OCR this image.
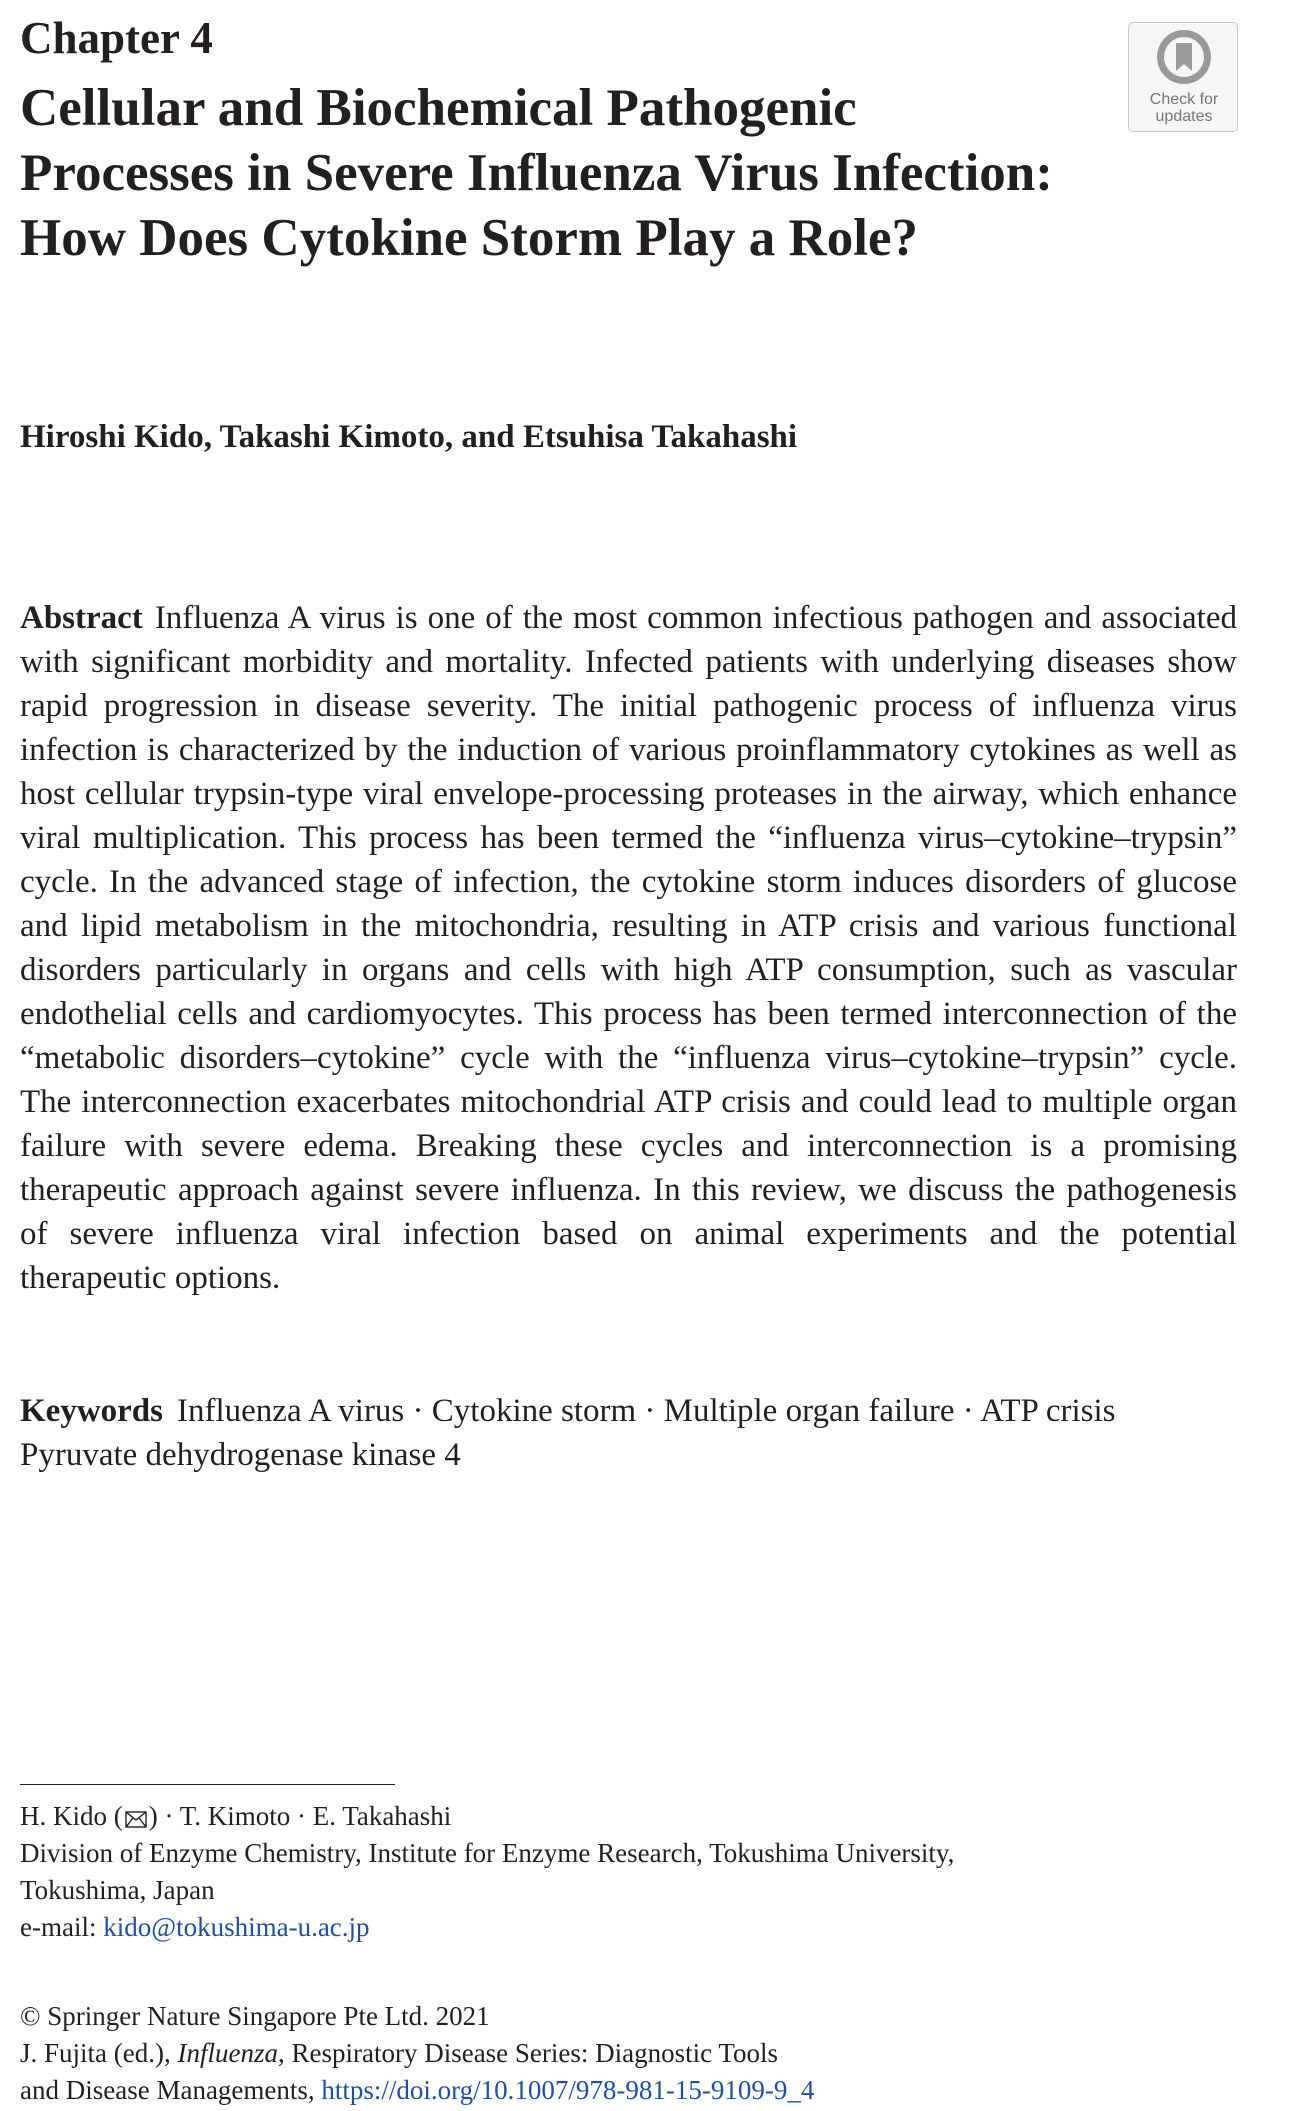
Chapter 4
Cellular and Biochemical Pathogenic Processes in Severe Influenza Virus Infection: How Does Cytokine Storm Play a Role?
Check for
updates
Hiroshi Kido, Takashi Kimoto, and Etsuhisa Takahashi

Abstract Influenza A virus is one of the most common infectious pathogen and associated with significant morbidity and mortality. Infected patients with underlying diseases show rapid progression in disease severity. The initial pathogenic process of influenza virus infection is characterized by the induction of various proinflammatory cytokines as well as host cellular trypsin-type viral envelope-processing proteases in the airway, which enhance viral multiplication. This process has been termed the “influenza virus–cytokine–trypsin” cycle. In the advanced stage of infection, the cytokine storm induces disorders of glucose and lipid metabolism in the mitochondria, resulting in ATP crisis and various functional disorders particularly in organs and cells with high ATP consumption, such as vascular endothelial cells and cardiomyocytes. This process has been termed interconnection of the “metabolic disorders–cytokine” cycle with the “influenza virus–cytokine–trypsin” cycle. The interconnection exacerbates mitochondrial ATP crisis and could lead to multiple organ failure with severe edema. Breaking these cycles and interconnection is a promising therapeutic approach against severe influenza. In this review, we discuss the pathogenesis of severe influenza viral infection based on animal experiments and the potential therapeutic options.

Keywords Influenza A virus · Cytokine storm · Multiple organ failure · ATP crisis
Pyruvate dehydrogenase kinase 4
H. Kido ( ) · T. Kimoto · E. Takahashi
Division of Enzyme Chemistry, Institute for Enzyme Research, Tokushima University,
Tokushima, Japan
e-mail: kido@tokushima-u.ac.jp
© Springer Nature Singapore Pte Ltd. 2021
J. Fujita (ed.), Influenza, Respiratory Disease Series: Diagnostic Tools
and Disease Managements, https://doi.org/10.1007/978-981-15-9109-9_4
